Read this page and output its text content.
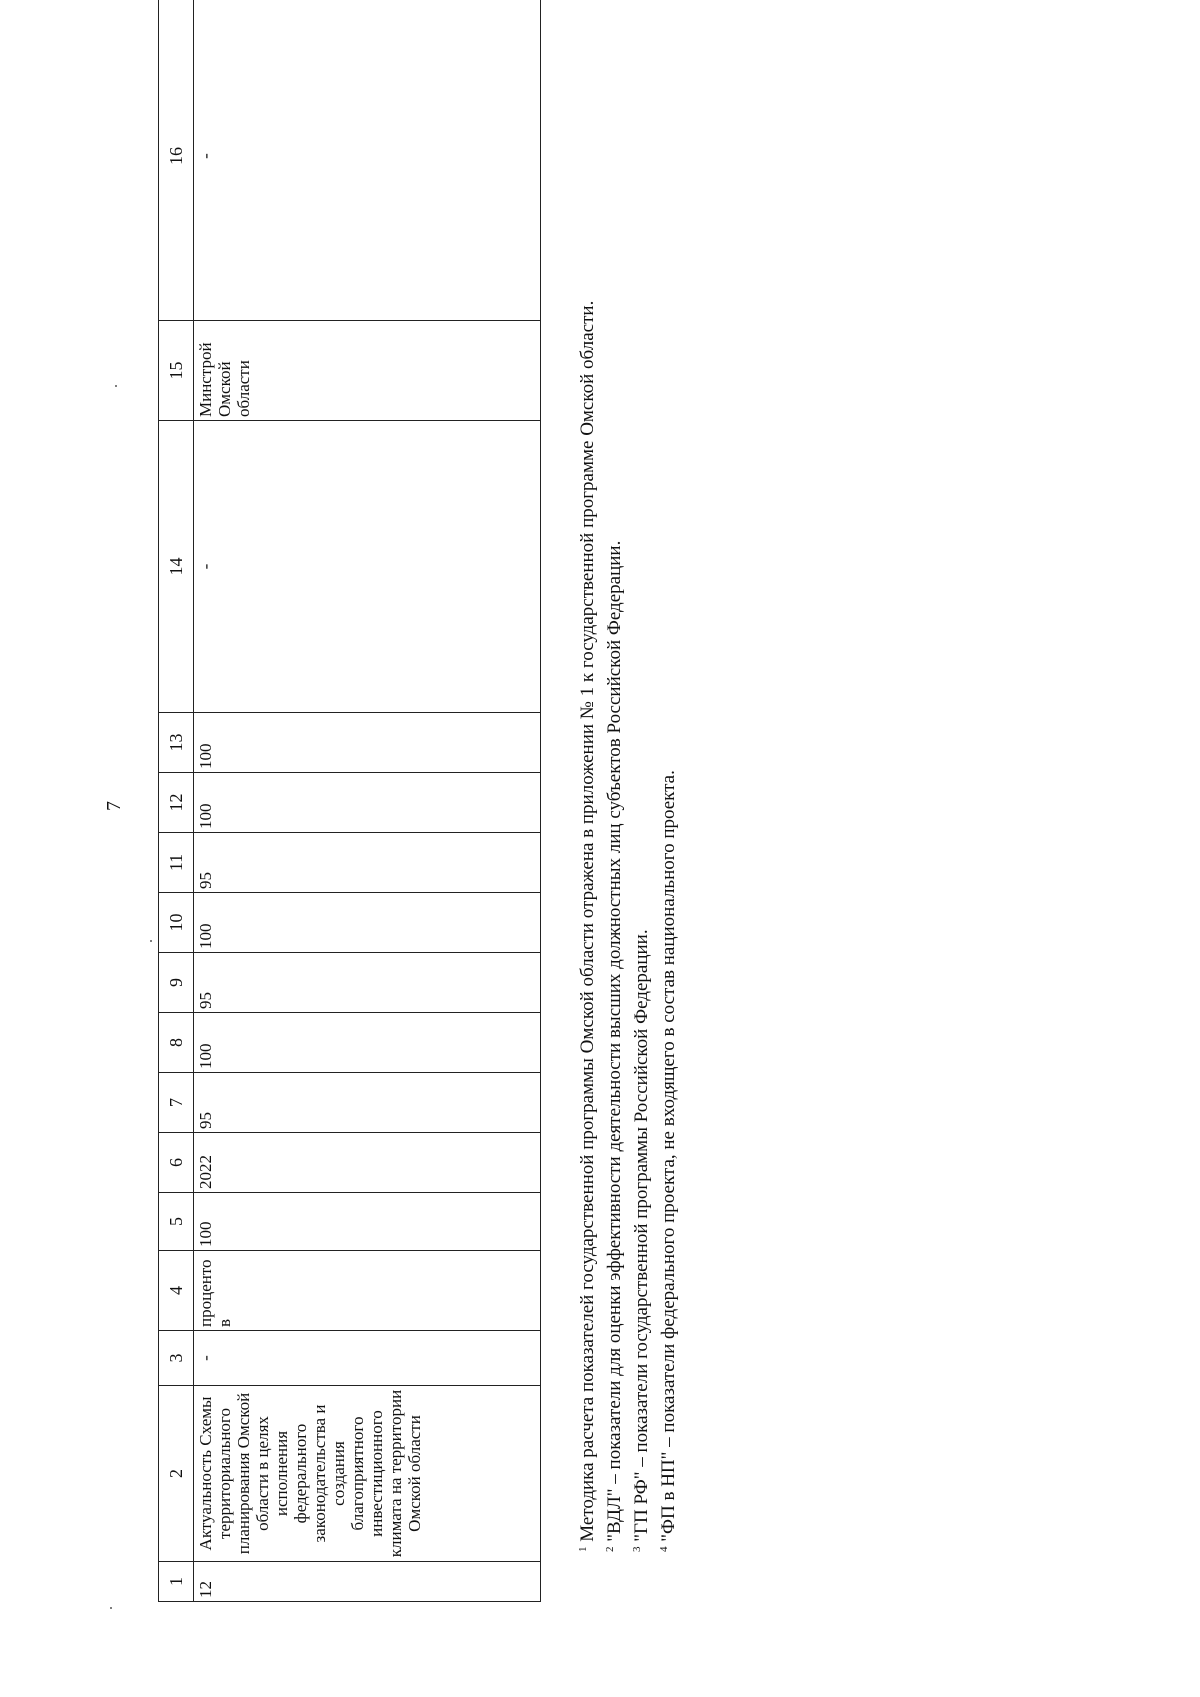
7
1	2	3	4	5	6	7	8	9	10	11	12	13	14	15	16
12	Актуальность Схемы территориального планирования Омской области в целях исполнения федерального законодательства и создания благоприятного инвестиционного климата на территории Омской области	-	процентов	100	2022	95	100	95	100	95	100	100	-	Минстрой Омской области	-

$^1$ Методика расчета показателей государственной программы Омской области отражена в приложении № 1 к государственной программе Омской области.

$^2$ "ВДЛ" – показатели для оценки эффективности деятельности высших должностных лиц субъектов Российской Федерации.

$^3$ "ГП РФ" – показатели государственной программы Российской Федерации.

$^4$ "ФП в НП" – показатели федерального проекта, не входящего в состав национального проекта.
